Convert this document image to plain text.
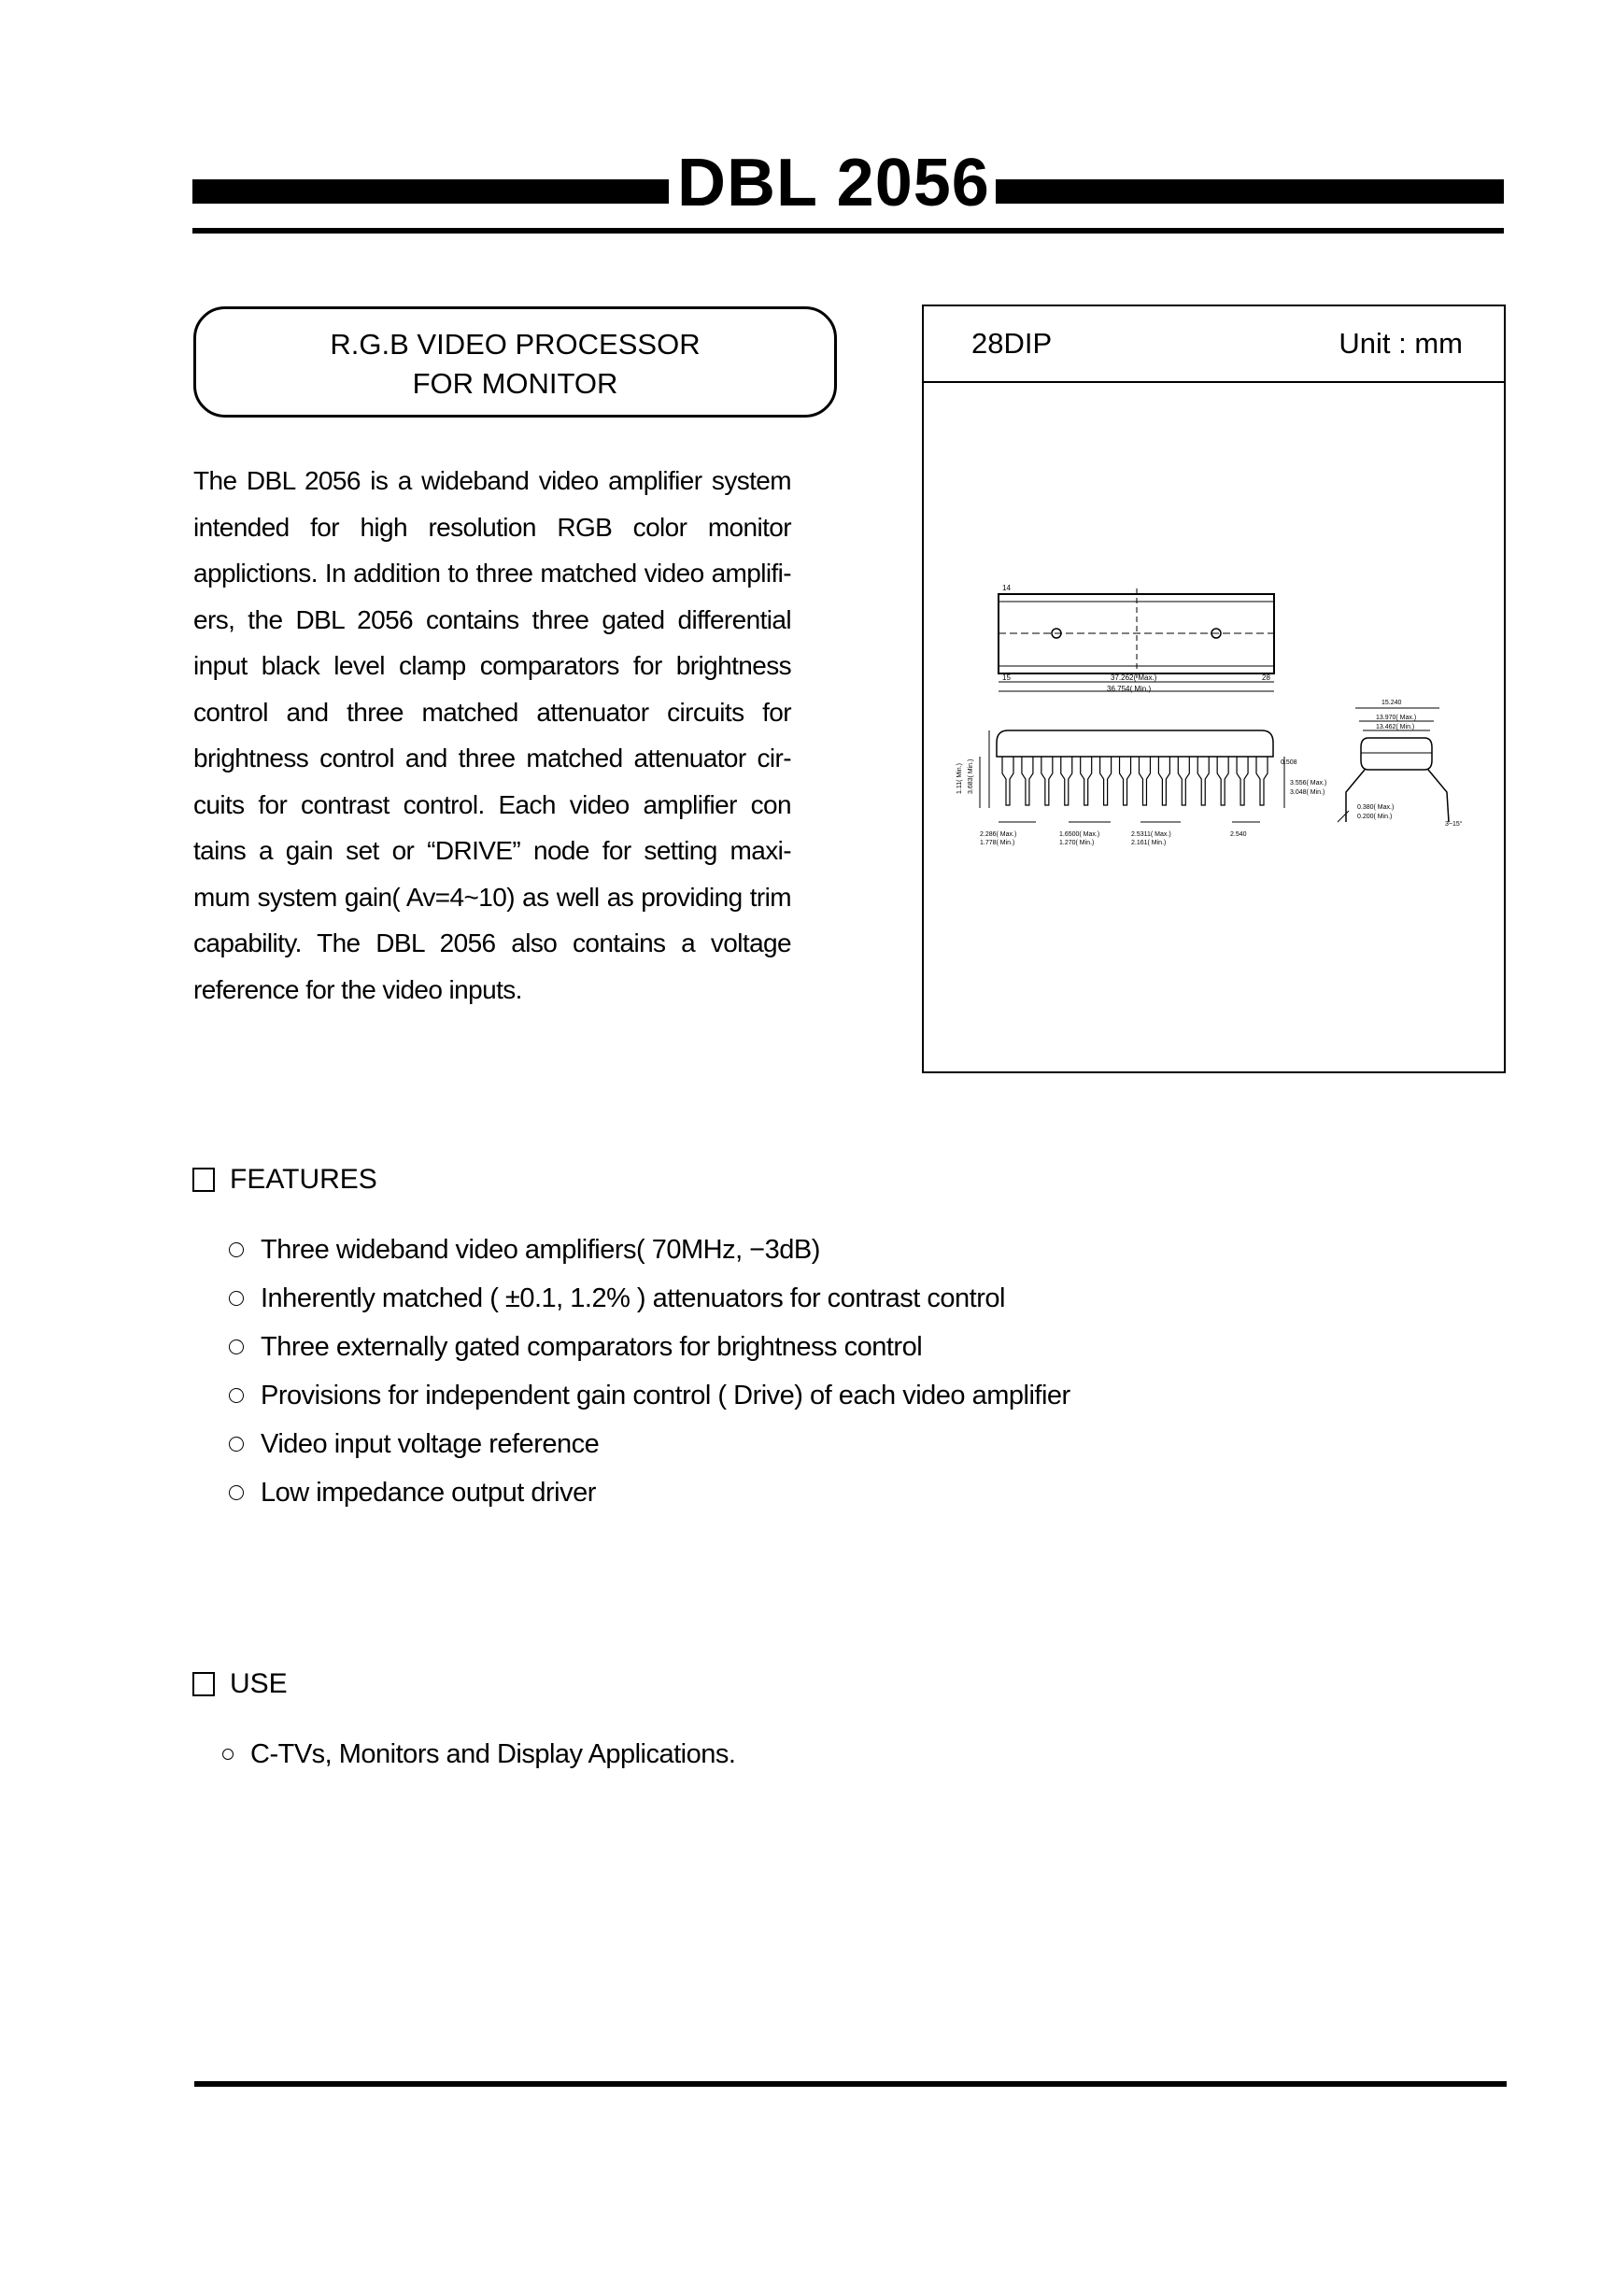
DBL 2056
R.G.B VIDEO PROCESSOR
FOR MONITOR

The DBL 2056 is a wideband video amplifier system intended for high resolution RGB color monitor applictions. In addition to three matched video amplifi- ers, the DBL 2056 contains three gated differential input black level clamp comparators for brightness control and three matched attenuator circuits for brightness control and three matched attenuator cir- cuits for contrast control. Each video amplifier con tains a gain set or “DRIVE” node for setting maxi- mum system gain( Av=4~10) as well as providing trim capability. The DBL 2056 also contains a voltage reference for the video inputs.

28DIP	Unit : mm
14
15	28
37.262( Max.)
36.754( Min.)
1.11( Min.) 3.683( Min.)
2.286( Max.)
1.778( Min.)
1.6500( Max.)
1.270( Min.)
2.5311( Max.)
2.161( Min.)
2.540
0.508
3.556( Max.)
3.048( Min.)
15.240
13.970( Max.)
13.462( Min.)
0.380( Max.)
0.200( Min.)
3~15°
FEATURES
Three wideband video amplifiers( 70MHz, −3dB)
Inherently matched ( ±0.1, 1.2% ) attenuators for contrast control
Three externally gated comparators for brightness control
Provisions for independent gain control ( Drive) of each video amplifier
Video input voltage reference
Low impedance output driver
USE
C-TVs, Monitors and Display Applications.
